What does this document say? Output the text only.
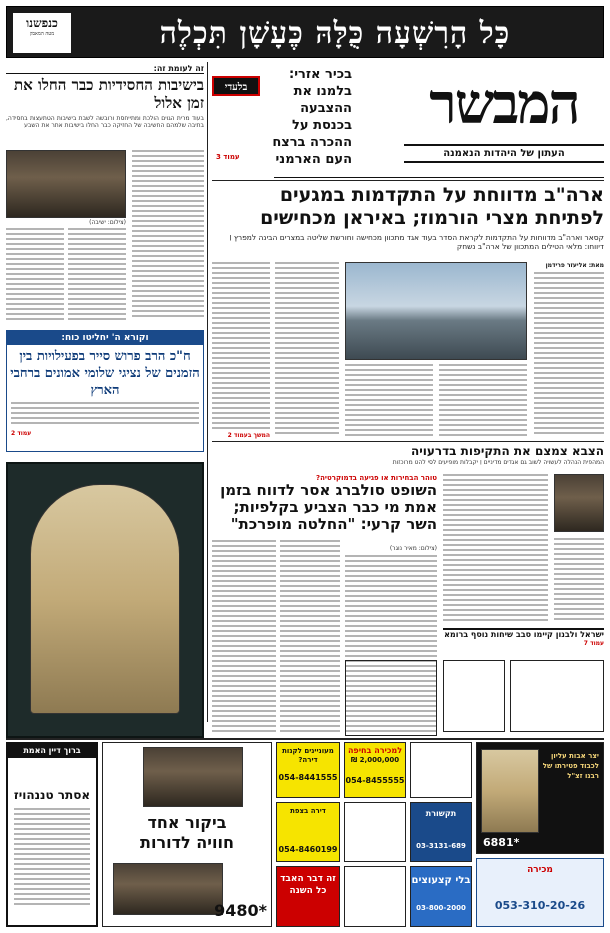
כָּל הָרִשְׁעָה כֻּלָּהּ כֶּעָשָׁן תִּכְלֶה
כנפשנו
מטה המאבק
המבשר
העתון של היהדות הנאמנה
בכיר אזרי: בלמנו את ההצבעה בכנסת על ההכרה ברצח העם הארמני
בלעדי
עמוד 3
זה לעומת זה:
בישיבות החסידיות כבר החלו את זמן אלול
בעוד מרית הגוים הולכת ומתייחסת ורובשה לשבת בישיבות הטתעצות בחסידה, בתיבה שלמהם החשיבה של החזיקה כבר החלו בישיבות אתר את השבע
(צילום: ישיבה)
וקורא ה' יחליטו כוח:
ח"כ הרב פרוש סייר בפעילויות בין הזמנים של נציגי שלומי אמונים ברחבי הארץ
עמוד 2
ארה"ב מדווחת על התקדמות במגעים לפתיחת מצרי הורמוז; באיראן מכחישים
קסאר וארה"ב מדווחות על התקדמות לקראת הסדר בעוד אגד מתכוון מכחישה וחורשת שליטה במצרים הבינה למפרץ ׀ דיווחו: מלאי הטילים המתכוון של ארה"ב נשחק
מאת: אליעזר פרידמן
המשך בעמוד 2
הצבא צמצם את התקיפות בדרעויה
המהפית הנהלה לעשויה לשוב גם אגדים מדיניים ׀ יקבלות מופיעים לסי להט מרוכזות
טוהר הבחירות או פגיעה בדמוקרטיה?
השופט סולברג אסר לדווח בזמן אמת מי כבר הצביע בקלפיות; השר קרעי: "החלטה מופרכת"
(צילום: מאיר נוגר)
ישראל ולבנון קיימו סבב שיחות נוסף ברומא
עמוד 7
ברוך דיין האמת
אסתר טננהויז
ביקור אחד
חוויה לדורות
*9480
מעוניינים לקנות דירה?
054-8441555
למכירה בחיפה
2,000,000 ₪
054-8455555
יצר אבות עליון לכבוד פטירתו של רבנו זצ"ל
*6881
דירה בצפת
054-8460199
תקשורת
03-3131-689
זה דבר האבד כל השנה
בלי קצעוצים
03-800-2000
מכירה
053-310-20-26
